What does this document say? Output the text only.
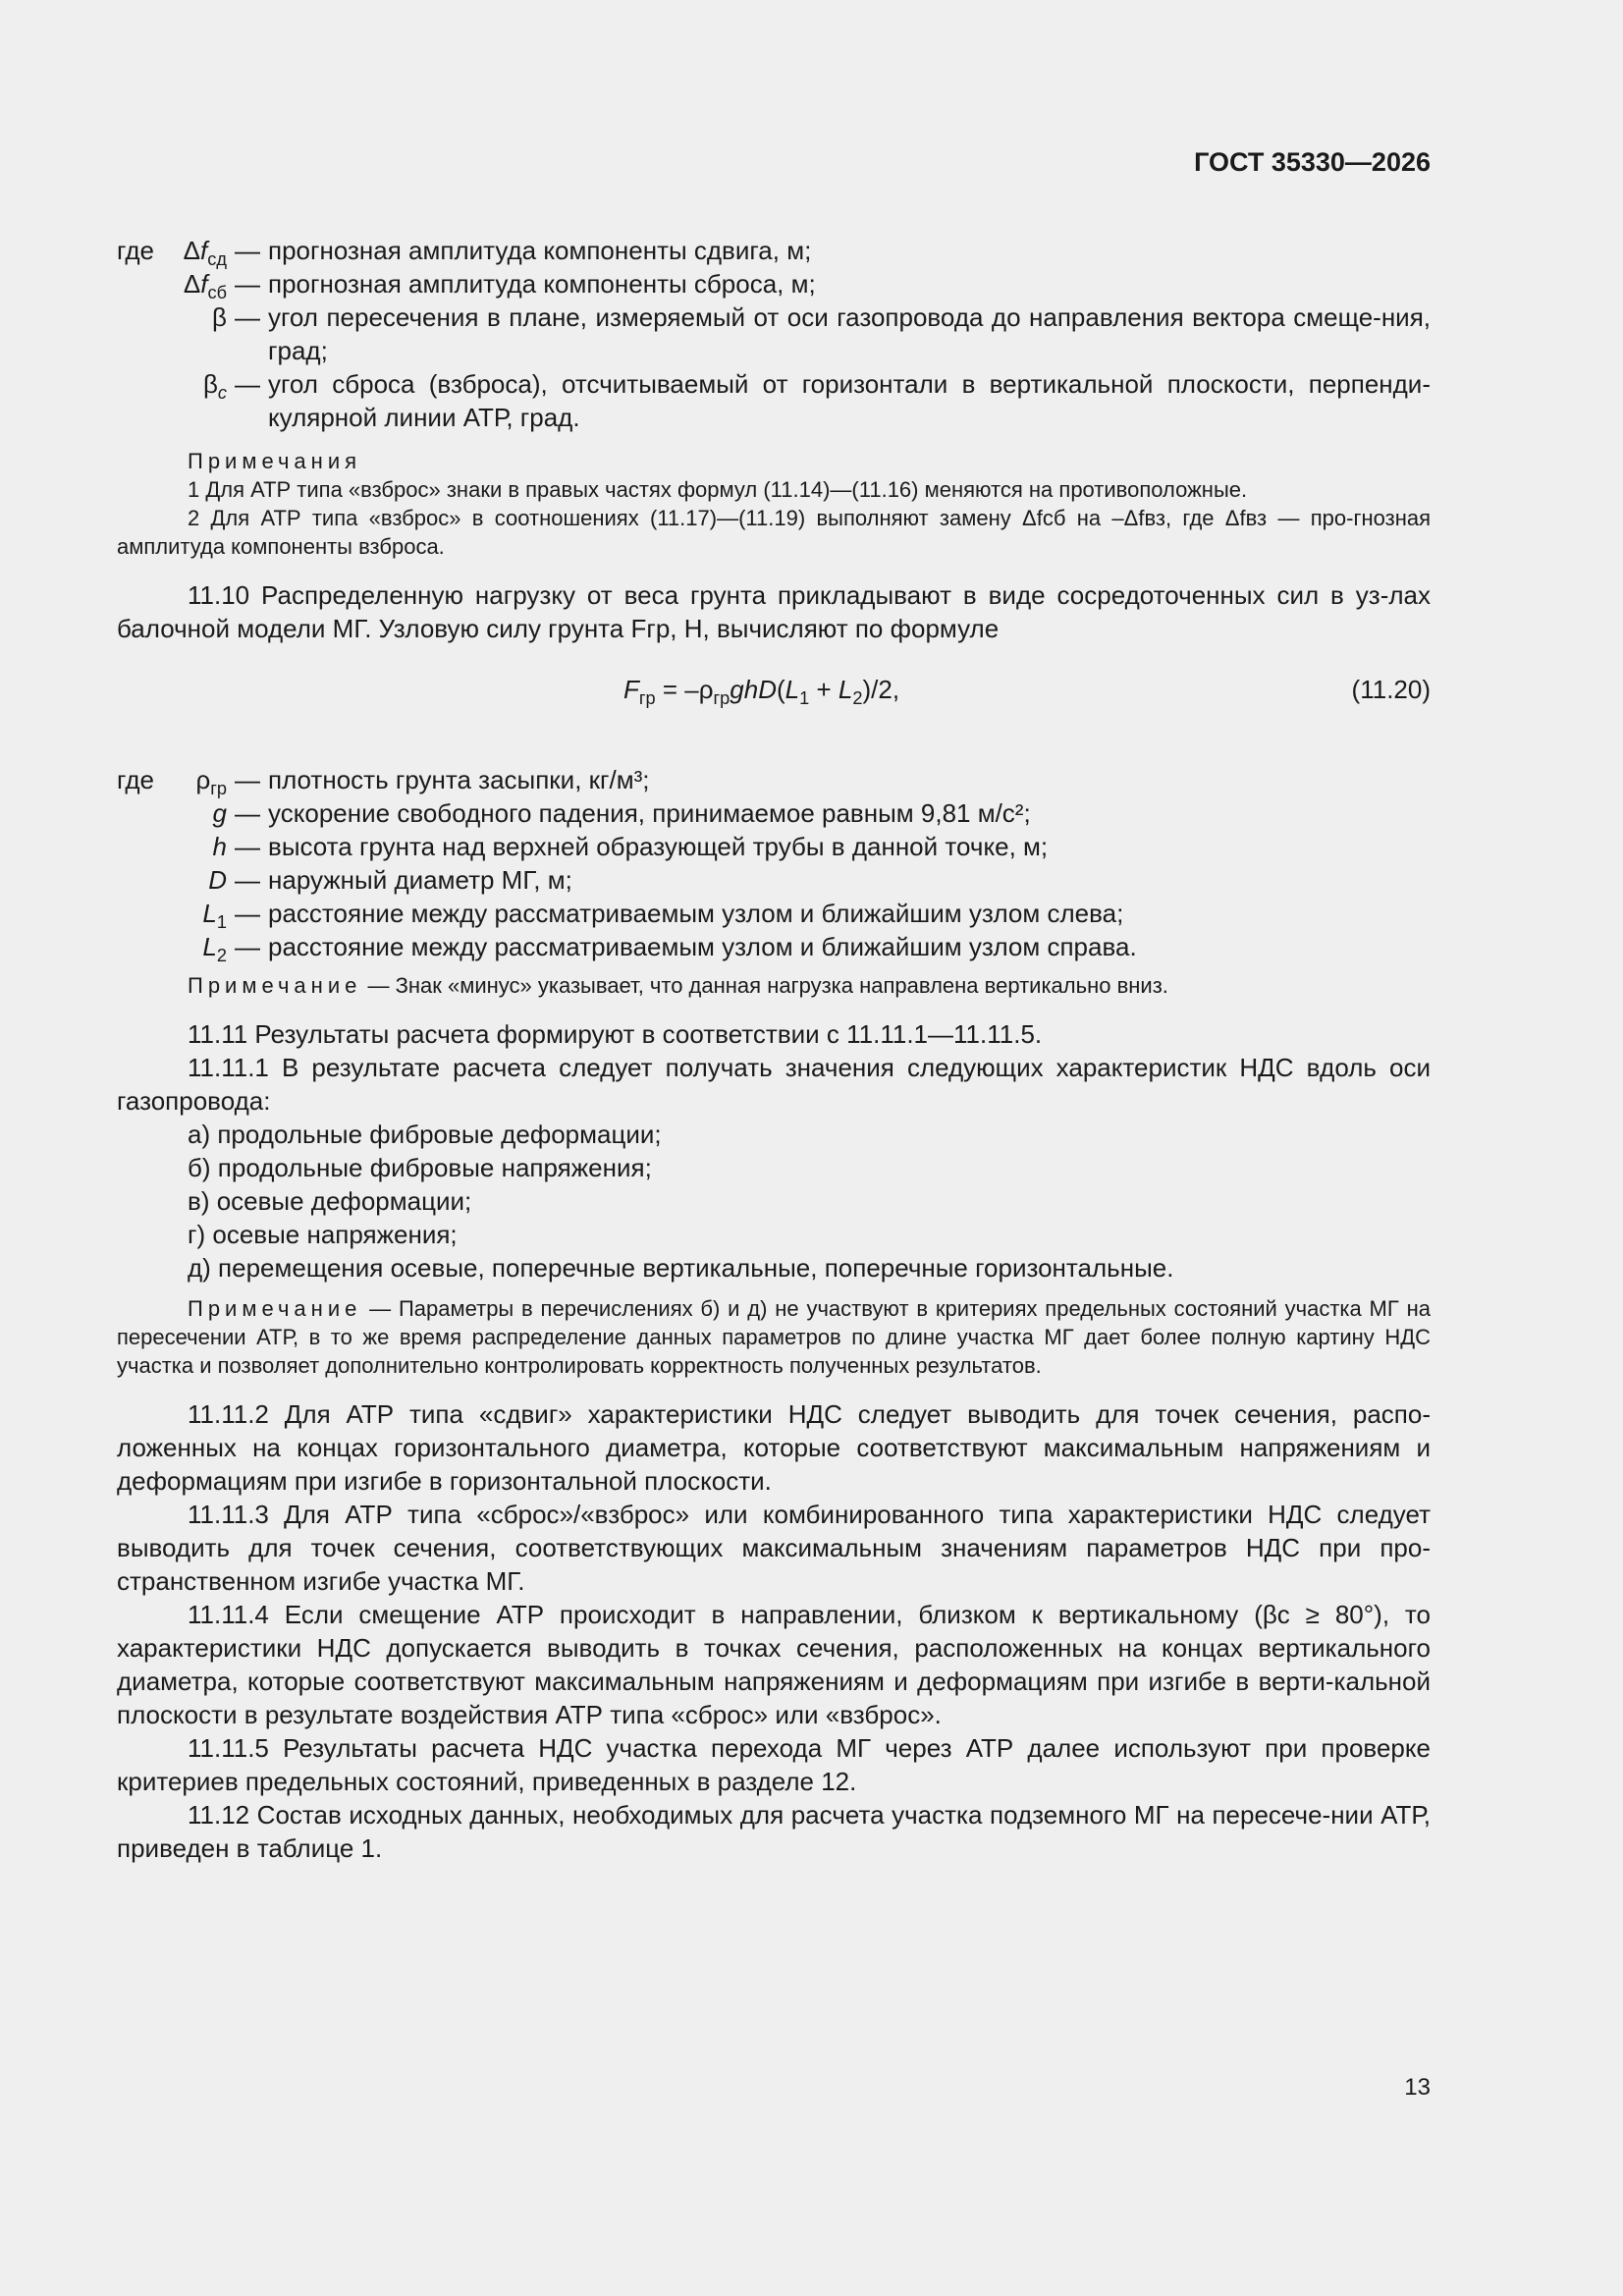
ГОСТ 35330—2026
где $\Delta f_{сд}$ — прогнозная амплитуда компоненты сдвига, м;
$\Delta f_{сб}$ — прогнозная амплитуда компоненты сброса, м;
β — угол пересечения в плане, измеряемый от оси газопровода до направления вектора смеще-ния, град;
$\beta_с$ — угол сброса (взброса), отсчитываемый от горизонтали в вертикальной плоскости, перпенди-кулярной линии АТР, град.
Примечания

1 Для АТР типа «взброс» знаки в правых частях формул (11.14)—(11.16) меняются на противоположные.

2 Для АТР типа «взброс» в соотношениях (11.17)—(11.19) выполняют замену Δfсб на –Δfвз, где Δfвз — про-гнозная амплитуда компоненты взброса.

11.10 Распределенную нагрузку от веса грунта прикладывают в виде сосредоточенных сил в уз-лах балочной модели МГ. Узловую силу грунта Fгр, Н, вычисляют по формуле

$F_{гр} = -\rho_{гр}ghD(L_1 + L_2)/2$,	(11.20)
где $\rho_{гр}$ — плотность грунта засыпки, кг/м³;
g — ускорение свободного падения, принимаемое равным 9,81 м/с²;
h — высота грунта над верхней образующей трубы в данной точке, м;
D — наружный диаметр МГ, м;
$L_1$ — расстояние между рассматриваемым узлом и ближайшим узлом слева;
$L_2$ — расстояние между рассматриваемым узлом и ближайшим узлом справа.

Примечание — Знак «минус» указывает, что данная нагрузка направлена вертикально вниз.

11.11 Результаты расчета формируют в соответствии с 11.11.1—11.11.5.

11.11.1 В результате расчета следует получать значения следующих характеристик НДС вдоль оси газопровода:

а) продольные фибровые деформации;

б) продольные фибровые напряжения;

в) осевые деформации;

г) осевые напряжения;

д) перемещения осевые, поперечные вертикальные, поперечные горизонтальные.

Примечание — Параметры в перечислениях б) и д) не участвуют в критериях предельных состояний участка МГ на пересечении АТР, в то же время распределение данных параметров по длине участка МГ дает более полную картину НДС участка и позволяет дополнительно контролировать корректность полученных результатов.

11.11.2 Для АТР типа «сдвиг» характеристики НДС следует выводить для точек сечения, распо-ложенных на концах горизонтального диаметра, которые соответствуют максимальным напряжениям и деформациям при изгибе в горизонтальной плоскости.

11.11.3 Для АТР типа «сброс»/«взброс» или комбинированного типа характеристики НДС следует выводить для точек сечения, соответствующих максимальным значениям параметров НДС при про-странственном изгибе участка МГ.

11.11.4 Если смещение АТР происходит в направлении, близком к вертикальному (βс ≥ 80°), то характеристики НДС допускается выводить в точках сечения, расположенных на концах вертикального диаметра, которые соответствуют максимальным напряжениям и деформациям при изгибе в верти-кальной плоскости в результате воздействия АТР типа «сброс» или «взброс».

11.11.5 Результаты расчета НДС участка перехода МГ через АТР далее используют при проверке критериев предельных состояний, приведенных в разделе 12.

11.12 Состав исходных данных, необходимых для расчета участка подземного МГ на пересече-нии АТР, приведен в таблице 1.

13
